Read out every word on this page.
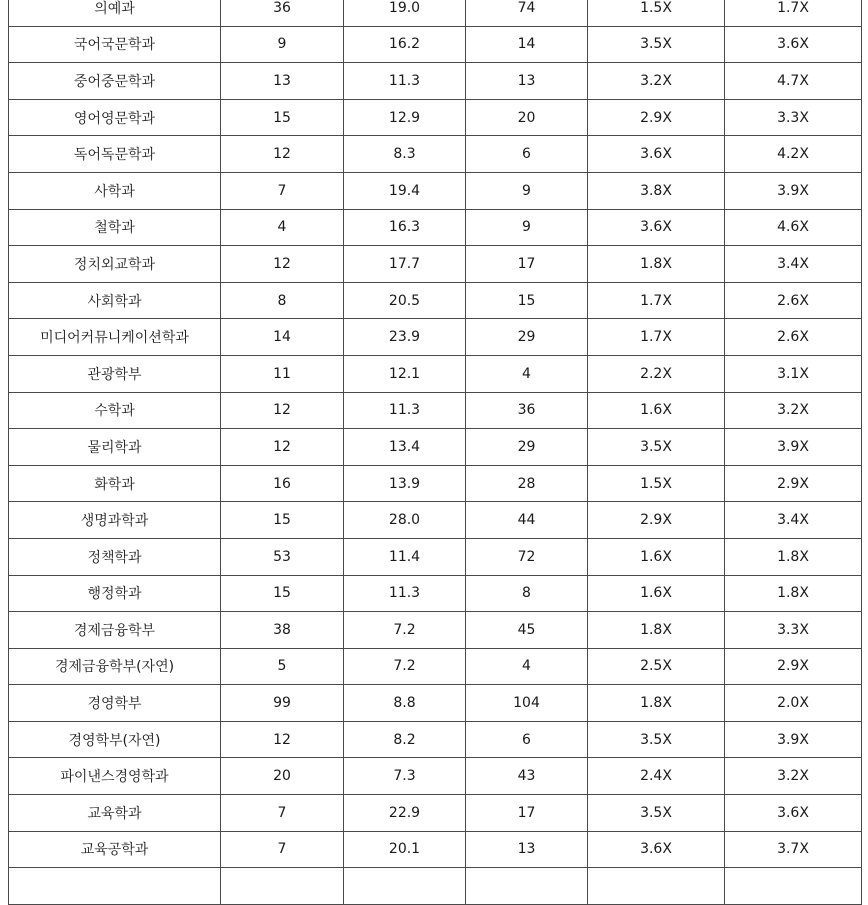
의예과	36	19.0	74	1.5X	1.7X
국어국문학과	9	16.2	14	3.5X	3.6X
중어중문학과	13	11.3	13	3.2X	4.7X
영어영문학과	15	12.9	20	2.9X	3.3X
독어독문학과	12	8.3	6	3.6X	4.2X
사학과	7	19.4	9	3.8X	3.9X
철학과	4	16.3	9	3.6X	4.6X
정치외교학과	12	17.7	17	1.8X	3.4X
사회학과	8	20.5	15	1.7X	2.6X
미디어커뮤니케이션학과	14	23.9	29	1.7X	2.6X
관광학부	11	12.1	4	2.2X	3.1X
수학과	12	11.3	36	1.6X	3.2X
물리학과	12	13.4	29	3.5X	3.9X
화학과	16	13.9	28	1.5X	2.9X
생명과학과	15	28.0	44	2.9X	3.4X
정책학과	53	11.4	72	1.6X	1.8X
행정학과	15	11.3	8	1.6X	1.8X
경제금융학부	38	7.2	45	1.8X	3.3X
경제금융학부(자연)	5	7.2	4	2.5X	2.9X
경영학부	99	8.8	104	1.8X	2.0X
경영학부(자연)	12	8.2	6	3.5X	3.9X
파이낸스경영학과	20	7.3	43	2.4X	3.2X
교육학과	7	22.9	17	3.5X	3.6X
교육공학과	7	20.1	13	3.6X	3.7X
